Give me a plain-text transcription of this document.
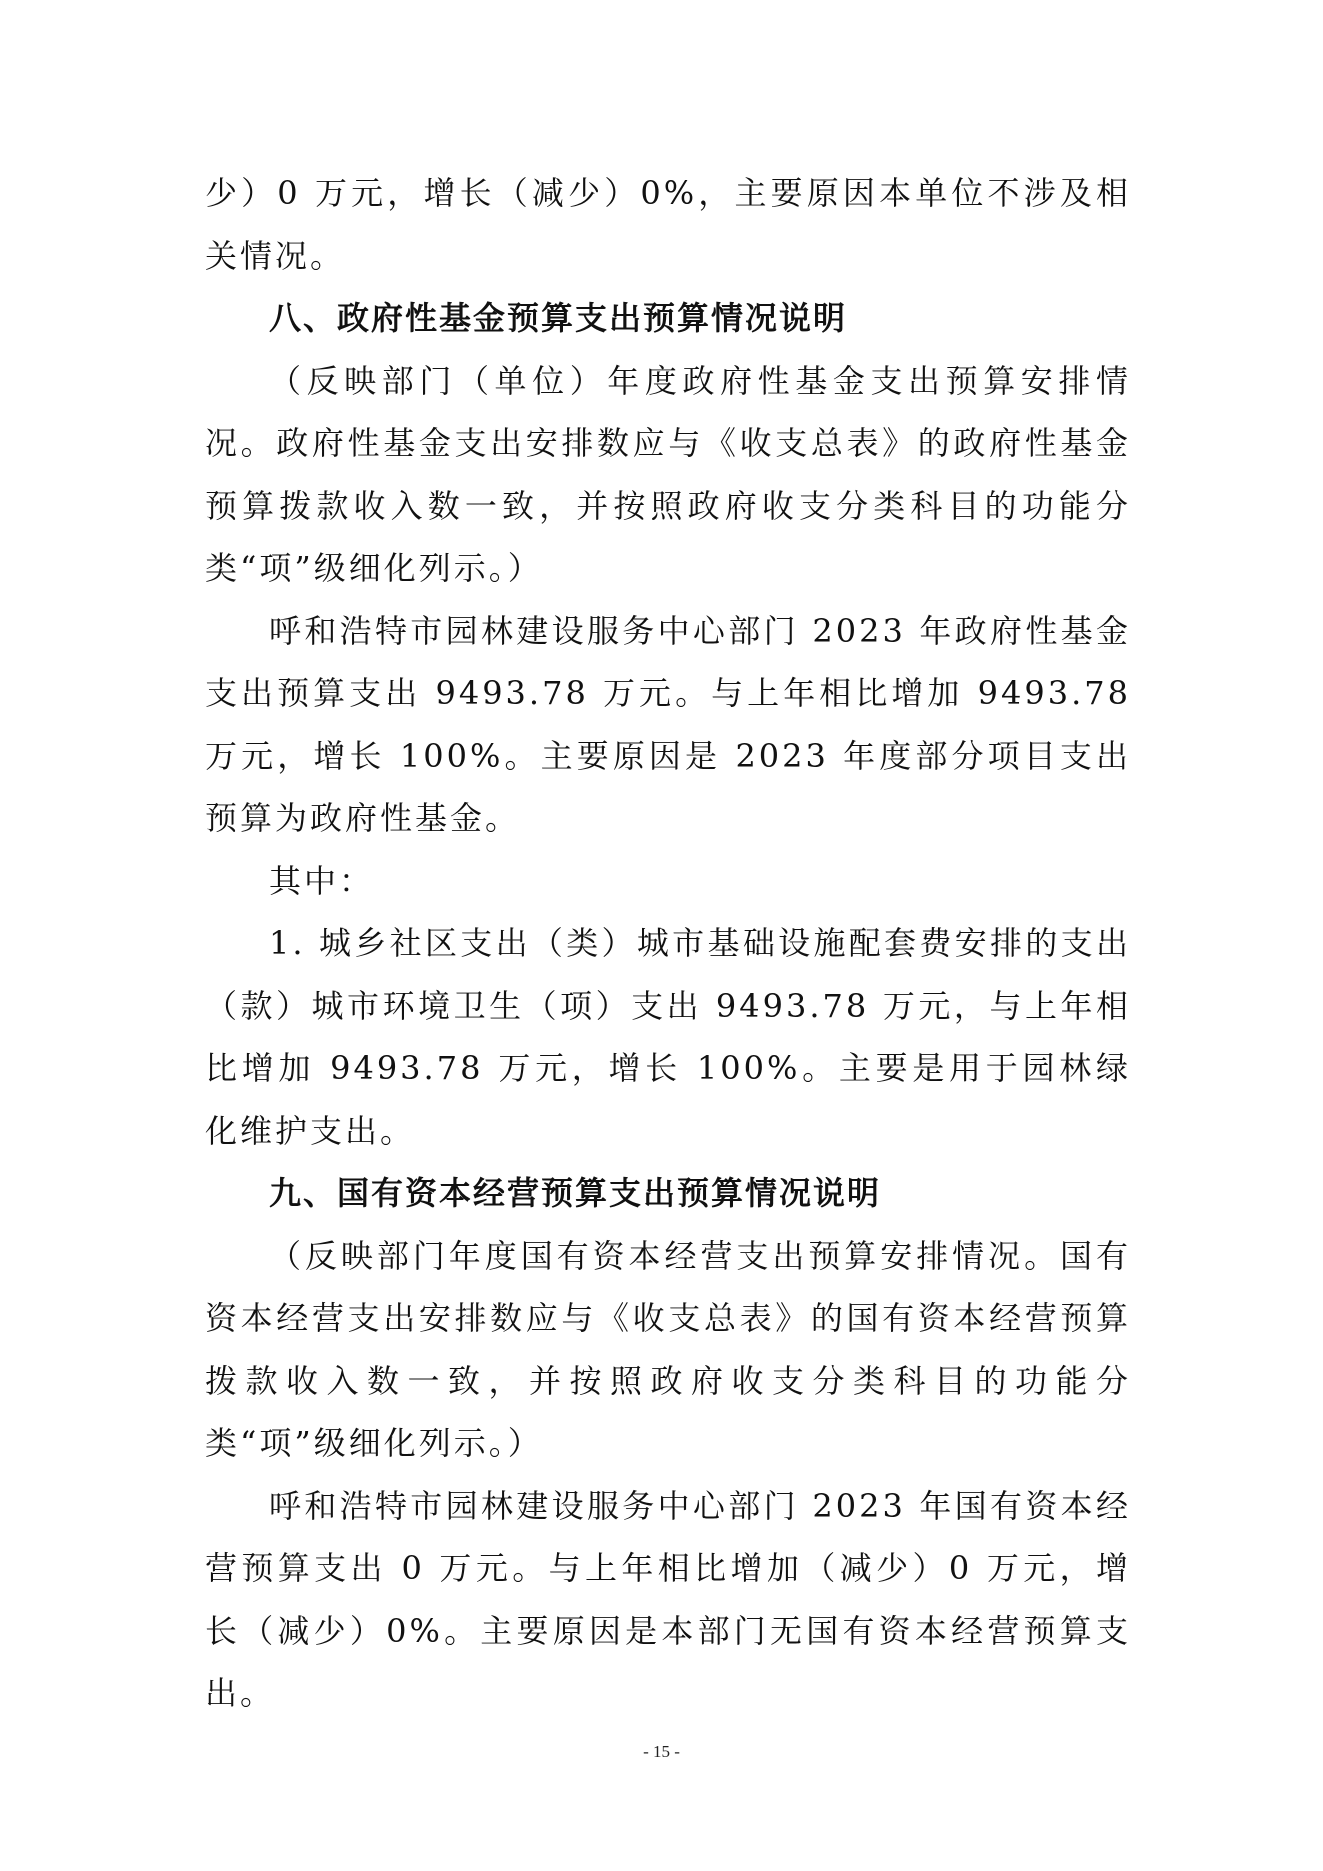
少）0 万元，增长（减少）0%，主要原因本单位不涉及相关情况。

八、政府性基金预算支出预算情况说明

（反映部门（单位）年度政府性基金支出预算安排情况。政府性基金支出安排数应与《收支总表》的政府性基金预算拨款收入数一致，并按照政府收支分类科目的功能分类“项”级细化列示。）

呼和浩特市园林建设服务中心部门 2023 年政府性基金支出预算支出 9493.78 万元。与上年相比增加 9493.78 万元，增长 100%。主要原因是 2023 年度部分项目支出预算为政府性基金。

其中：

1. 城乡社区支出（类）城市基础设施配套费安排的支出（款）城市环境卫生（项）支出 9493.78 万元，与上年相比增加 9493.78 万元，增长 100%。主要是用于园林绿化维护支出。

九、国有资本经营预算支出预算情况说明

（反映部门年度国有资本经营支出预算安排情况。国有资本经营支出安排数应与《收支总表》的国有资本经营预算拨款收入数一致，并按照政府收支分类科目的功能分类“项”级细化列示。）

呼和浩特市园林建设服务中心部门 2023 年国有资本经营预算支出 0 万元。与上年相比增加（减少）0 万元，增长（减少）0%。主要原因是本部门无国有资本经营预算支出。

- 15 -
